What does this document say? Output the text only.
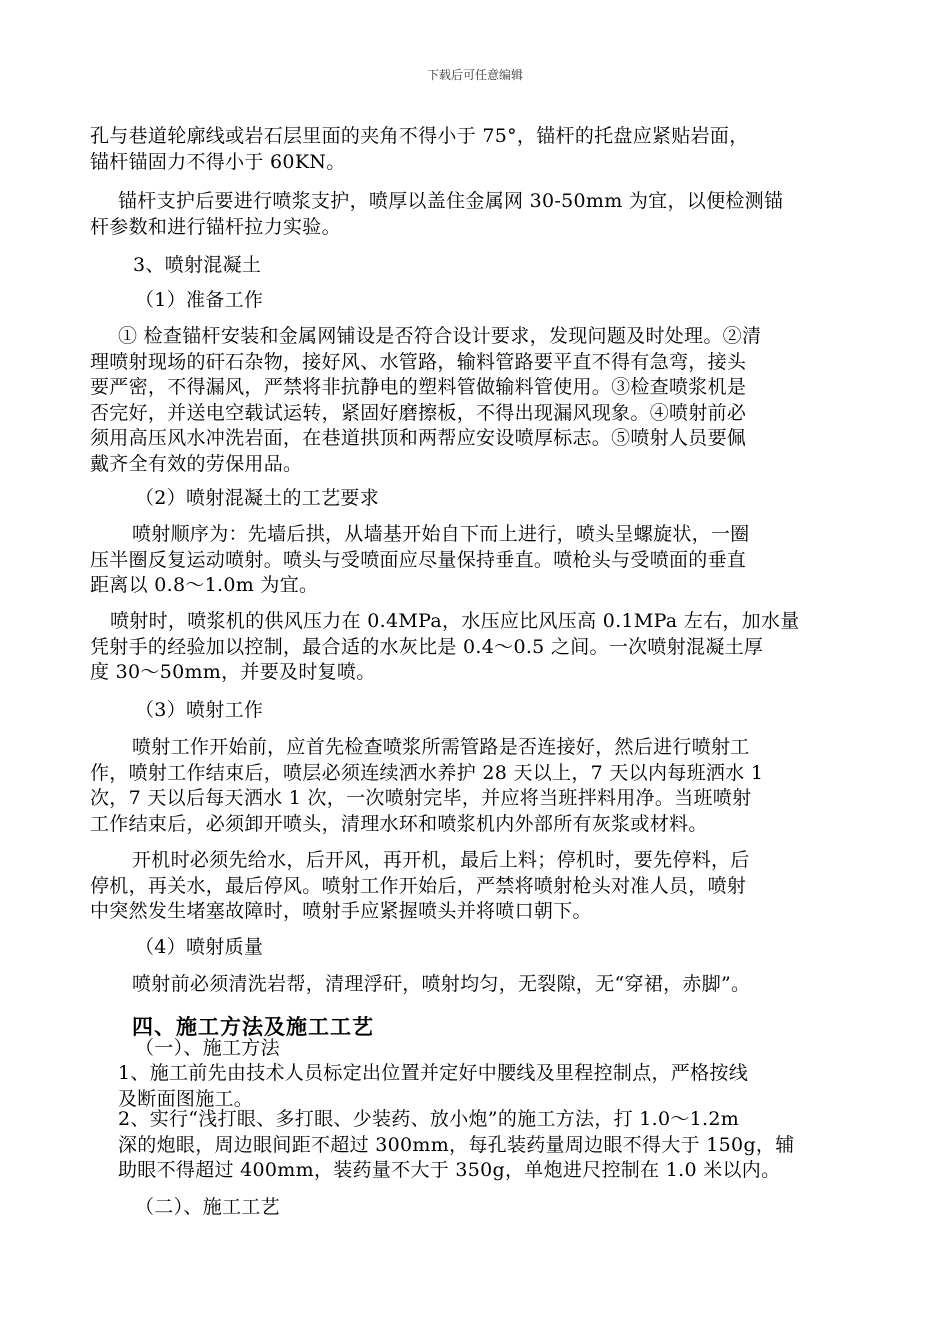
下载后可任意编辑
孔与巷道轮廓线或岩石层里面的夹角不得小于 75°，锚杆的托盘应紧贴岩面，
锚杆锚固力不得小于 60KN。
锚杆支护后要进行喷浆支护，喷厚以盖住金属网 30-50mm 为宜，以便检测锚
杆参数和进行锚杆拉力实验。
3、喷射混凝土
（1）准备工作
① 检查锚杆安装和金属网铺设是否符合设计要求，发现问题及时处理。②清
理喷射现场的矸石杂物，接好风、水管路，输料管路要平直不得有急弯，接头
要严密，不得漏风，严禁将非抗静电的塑料管做输料管使用。③检查喷浆机是
否完好，并送电空载试运转，紧固好磨擦板，不得出现漏风现象。④喷射前必
须用高压风水冲洗岩面，在巷道拱顶和两帮应安设喷厚标志。⑤喷射人员要佩
戴齐全有效的劳保用品。
（2）喷射混凝土的工艺要求
喷射顺序为：先墙后拱，从墙基开始自下而上进行，喷头呈螺旋状，一圈
压半圈反复运动喷射。喷头与受喷面应尽量保持垂直。喷枪头与受喷面的垂直
距离以 0.8～1.0m 为宜。
喷射时，喷浆机的供风压力在 0.4MPa，水压应比风压高 0.1MPa 左右，加水量
凭射手的经验加以控制，最合适的水灰比是 0.4～0.5 之间。一次喷射混凝土厚
度 30～50mm，并要及时复喷。
（3）喷射工作
喷射工作开始前，应首先检查喷浆所需管路是否连接好，然后进行喷射工
作，喷射工作结束后，喷层必须连续洒水养护 28 天以上，7 天以内每班洒水 1
次，7 天以后每天洒水 1 次，一次喷射完毕，并应将当班拌料用净。当班喷射
工作结束后，必须卸开喷头，清理水环和喷浆机内外部所有灰浆或材料。
开机时必须先给水，后开风，再开机，最后上料；停机时，要先停料，后
停机，再关水，最后停风。喷射工作开始后，严禁将喷射枪头对准人员，喷射
中突然发生堵塞故障时，喷射手应紧握喷头并将喷口朝下。
（4）喷射质量
喷射前必须清洗岩帮，清理浮矸，喷射均匀，无裂隙，无“穿裙，赤脚”。
四、施工方法及施工工艺
（一）、施工方法
1、施工前先由技术人员标定出位置并定好中腰线及里程控制点，严格按线
及断面图施工。
2、实行“浅打眼、多打眼、少装药、放小炮”的施工方法，打 1.0～1.2m
深的炮眼，周边眼间距不超过 300mm，每孔装药量周边眼不得大于 150g，辅
助眼不得超过 400mm，装药量不大于 350g，单炮进尺控制在 1.0 米以内。
（二）、施工工艺
